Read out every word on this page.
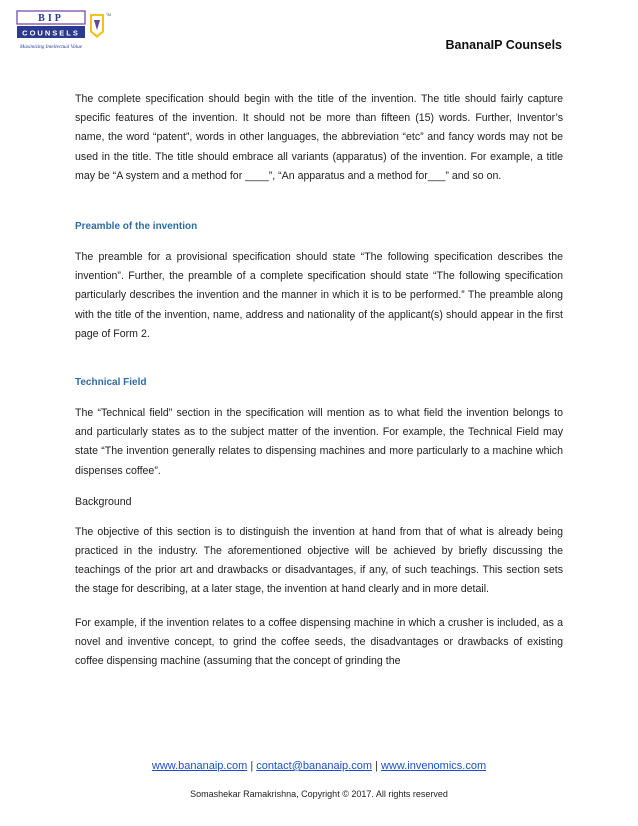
BIP
COUNSELS
Maximizing Intellectual Value
TM
BananaIP Counsels

The complete specification should begin with the title of the invention. The title should fairly capture specific features of the invention. It should not be more than fifteen (15) words. Further, Inventor’s name, the word “patent”, words in other languages, the abbreviation “etc” and fancy words may not be used in the title. The title should embrace all variants (apparatus) of the invention. For example, a title may be “A system and a method for ____”, “An apparatus and a method for___” and so on.

Preamble of the invention

The preamble for a provisional specification should state “The following specification describes the invention”. Further, the preamble of a complete specification should state “The following specification particularly describes the invention and the manner in which it is to be performed.” The preamble along with the title of the invention, name, address and nationality of the applicant(s) should appear in the first page of Form 2.

Technical Field

The “Technical field” section in the specification will mention as to what field the invention belongs to and particularly states as to the subject matter of the invention. For example, the Technical Field may state “The invention generally relates to dispensing machines and more particularly to a machine which dispenses coffee”.

Background

The objective of this section is to distinguish the invention at hand from that of what is already being practiced in the industry. The aforementioned objective will be achieved by briefly discussing the teachings of the prior art and drawbacks or disadvantages, if any, of such teachings. This section sets the stage for describing, at a later stage, the invention at hand clearly and in more detail.

For example, if the invention relates to a coffee dispensing machine in which a crusher is included, as a novel and inventive concept, to grind the coffee seeds, the disadvantages or drawbacks of existing coffee dispensing machine (assuming that the concept of grinding the

www.bananaip.com | contact@bananaip.com | www.invenomics.com
Somashekar Ramakrishna, Copyright © 2017. All rights reserved
